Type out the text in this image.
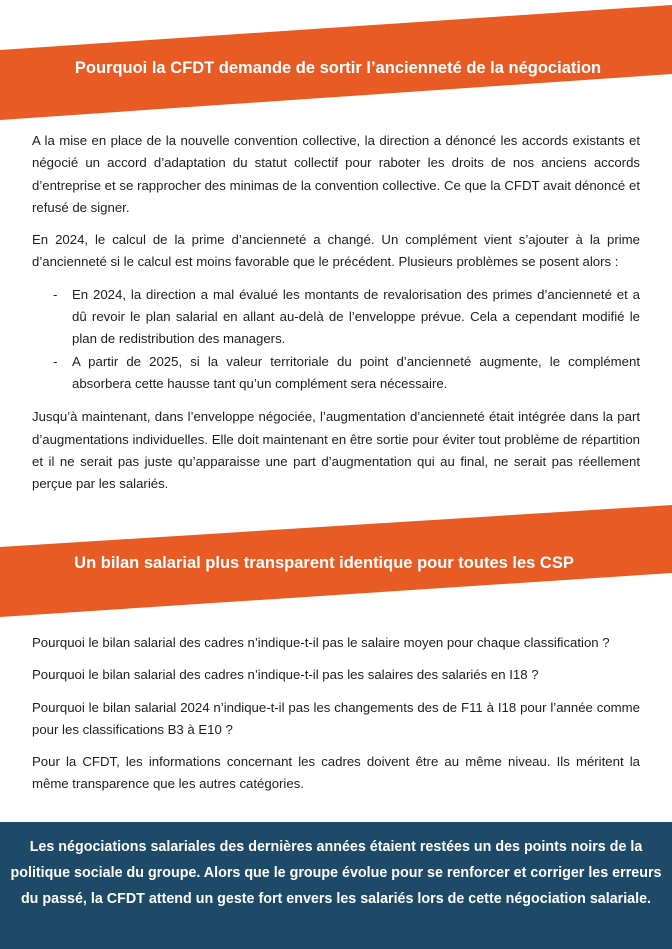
Pourquoi la CFDT demande de sortir l’ancienneté de la négociation

A la mise en place de la nouvelle convention collective, la direction a dénoncé les accords existants et négocié un accord d’adaptation du statut collectif pour raboter les droits de nos anciens accords d’entreprise et se rapprocher des minimas de la convention collective. Ce que la CFDT avait dénoncé et refusé de signer.

En 2024, le calcul de la prime d’ancienneté a changé. Un complément vient s’ajouter à la prime d’ancienneté si le calcul est moins favorable que le précédent. Plusieurs problèmes se posent alors :

- En 2024, la direction a mal évalué les montants de revalorisation des primes d’ancienneté et a dû revoir le plan salarial en allant au-delà de l’enveloppe prévue. Cela a cependant modifié le plan de redistribution des managers.
- A partir de 2025, si la valeur territoriale du point d’ancienneté augmente, le complément absorbera cette hausse tant qu’un complément sera nécessaire.

Jusqu’à maintenant, dans l’enveloppe négociée, l’augmentation d’ancienneté était intégrée dans la part d’augmentations individuelles. Elle doit maintenant en être sortie pour éviter tout problème de répartition et il ne serait pas juste qu’apparaisse une part d’augmentation qui au final, ne serait pas réellement perçue par les salariés.

Un bilan salarial plus transparent identique pour toutes les CSP

Pourquoi le bilan salarial des cadres n’indique-t-il pas le salaire moyen pour chaque classification ?

Pourquoi le bilan salarial des cadres n’indique-t-il pas les salaires des salariés en I18 ?

Pourquoi le bilan salarial 2024 n’indique-t-il pas les changements des de F11 à I18 pour l’année comme pour les classifications B3 à E10 ?

Pour la CFDT, les informations concernant les cadres doivent être au même niveau. Ils méritent la même transparence que les autres catégories.

Les négociations salariales des dernières années étaient restées un des points noirs de la politique sociale du groupe. Alors que le groupe évolue pour se renforcer et corriger les erreurs du passé, la CFDT attend un geste fort envers les salariés lors de cette négociation salariale.
